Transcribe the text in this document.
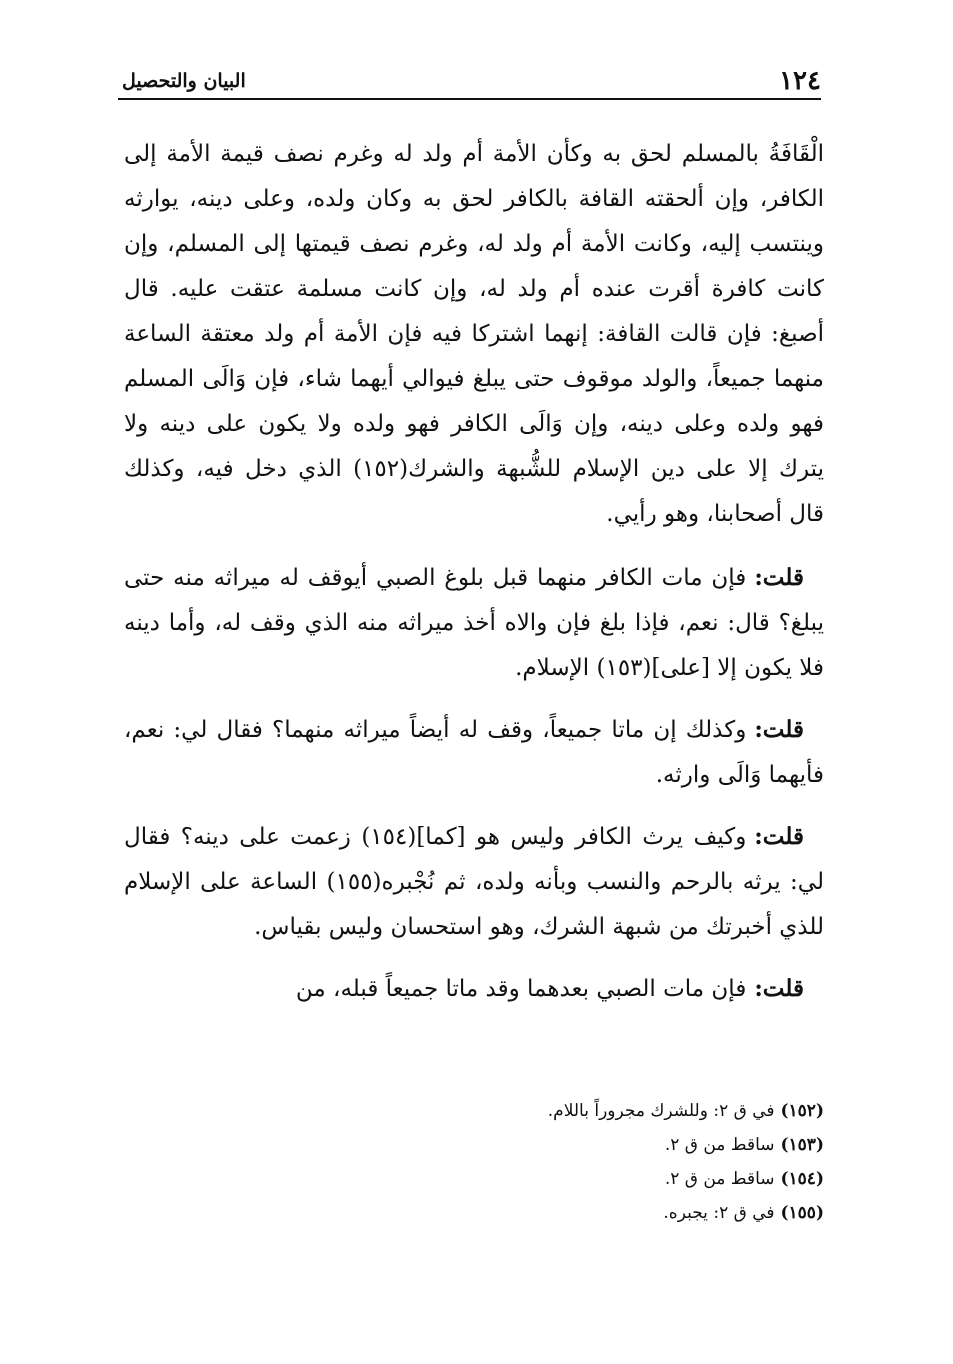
١٢٤
البيان والتحصيل

الْقَافَةُ بالمسلم لحق به وكأن الأمة أم ولد له وغرم نصف قيمة الأمة إلى الكافر، وإن ألحقته القافة بالكافر لحق به وكان ولده، وعلى دينه، يوارثه وينتسب إليه، وكانت الأمة أم ولد له، وغرم نصف قيمتها إلى المسلم، وإن كانت كافرة أقرت عنده أم ولد له، وإن كانت مسلمة عتقت عليه. قال أصبغ: فإن قالت القافة: إنهما اشتركا فيه فإن الأمة أم ولد معتقة الساعة منهما جميعاً، والولد موقوف حتى يبلغ فيوالي أيهما شاء، فإن وَالَى المسلم فهو ولده وعلى دينه، وإن وَالَى الكافر فهو ولده ولا يكون على دينه ولا يترك إلا على دين الإسلام للشُّبهة والشرك(١٥٢) الذي دخل فيه، وكذلك قال أصحابنا، وهو رأيي.

قلت:فإن مات الكافر منهما قبل بلوغ الصبي أيوقف له ميراثه منه حتى يبلغ؟ قال: نعم، فإذا بلغ فإن والاه أخذ ميراثه منه الذي وقف له، وأما دينه فلا يكون إلا [على](١٥٣) الإسلام.

قلت:وكذلك إن ماتا جميعاً، وقف له أيضاً ميراثه منهما؟ فقال لي: نعم، فأيهما وَالَى وارثه.

قلت:وكيف يرث الكافر وليس هو [كما](١٥٤) زعمت على دينه؟ فقال لي: يرثه بالرحم والنسب وبأنه ولده، ثم نُجْبره(١٥٥) الساعة على الإسلام للذي أخبرتك من شبهة الشرك، وهو استحسان وليس بقياس.

قلت:فإن مات الصبي بعدهما وقد ماتا جميعاً قبله، من

(١٥٢)في ق ٢: وللشرك مجروراً باللام.

(١٥٣)ساقط من ق ٢.

(١٥٤)ساقط من ق ٢.

(١٥٥)في ق ٢: يجبره.
